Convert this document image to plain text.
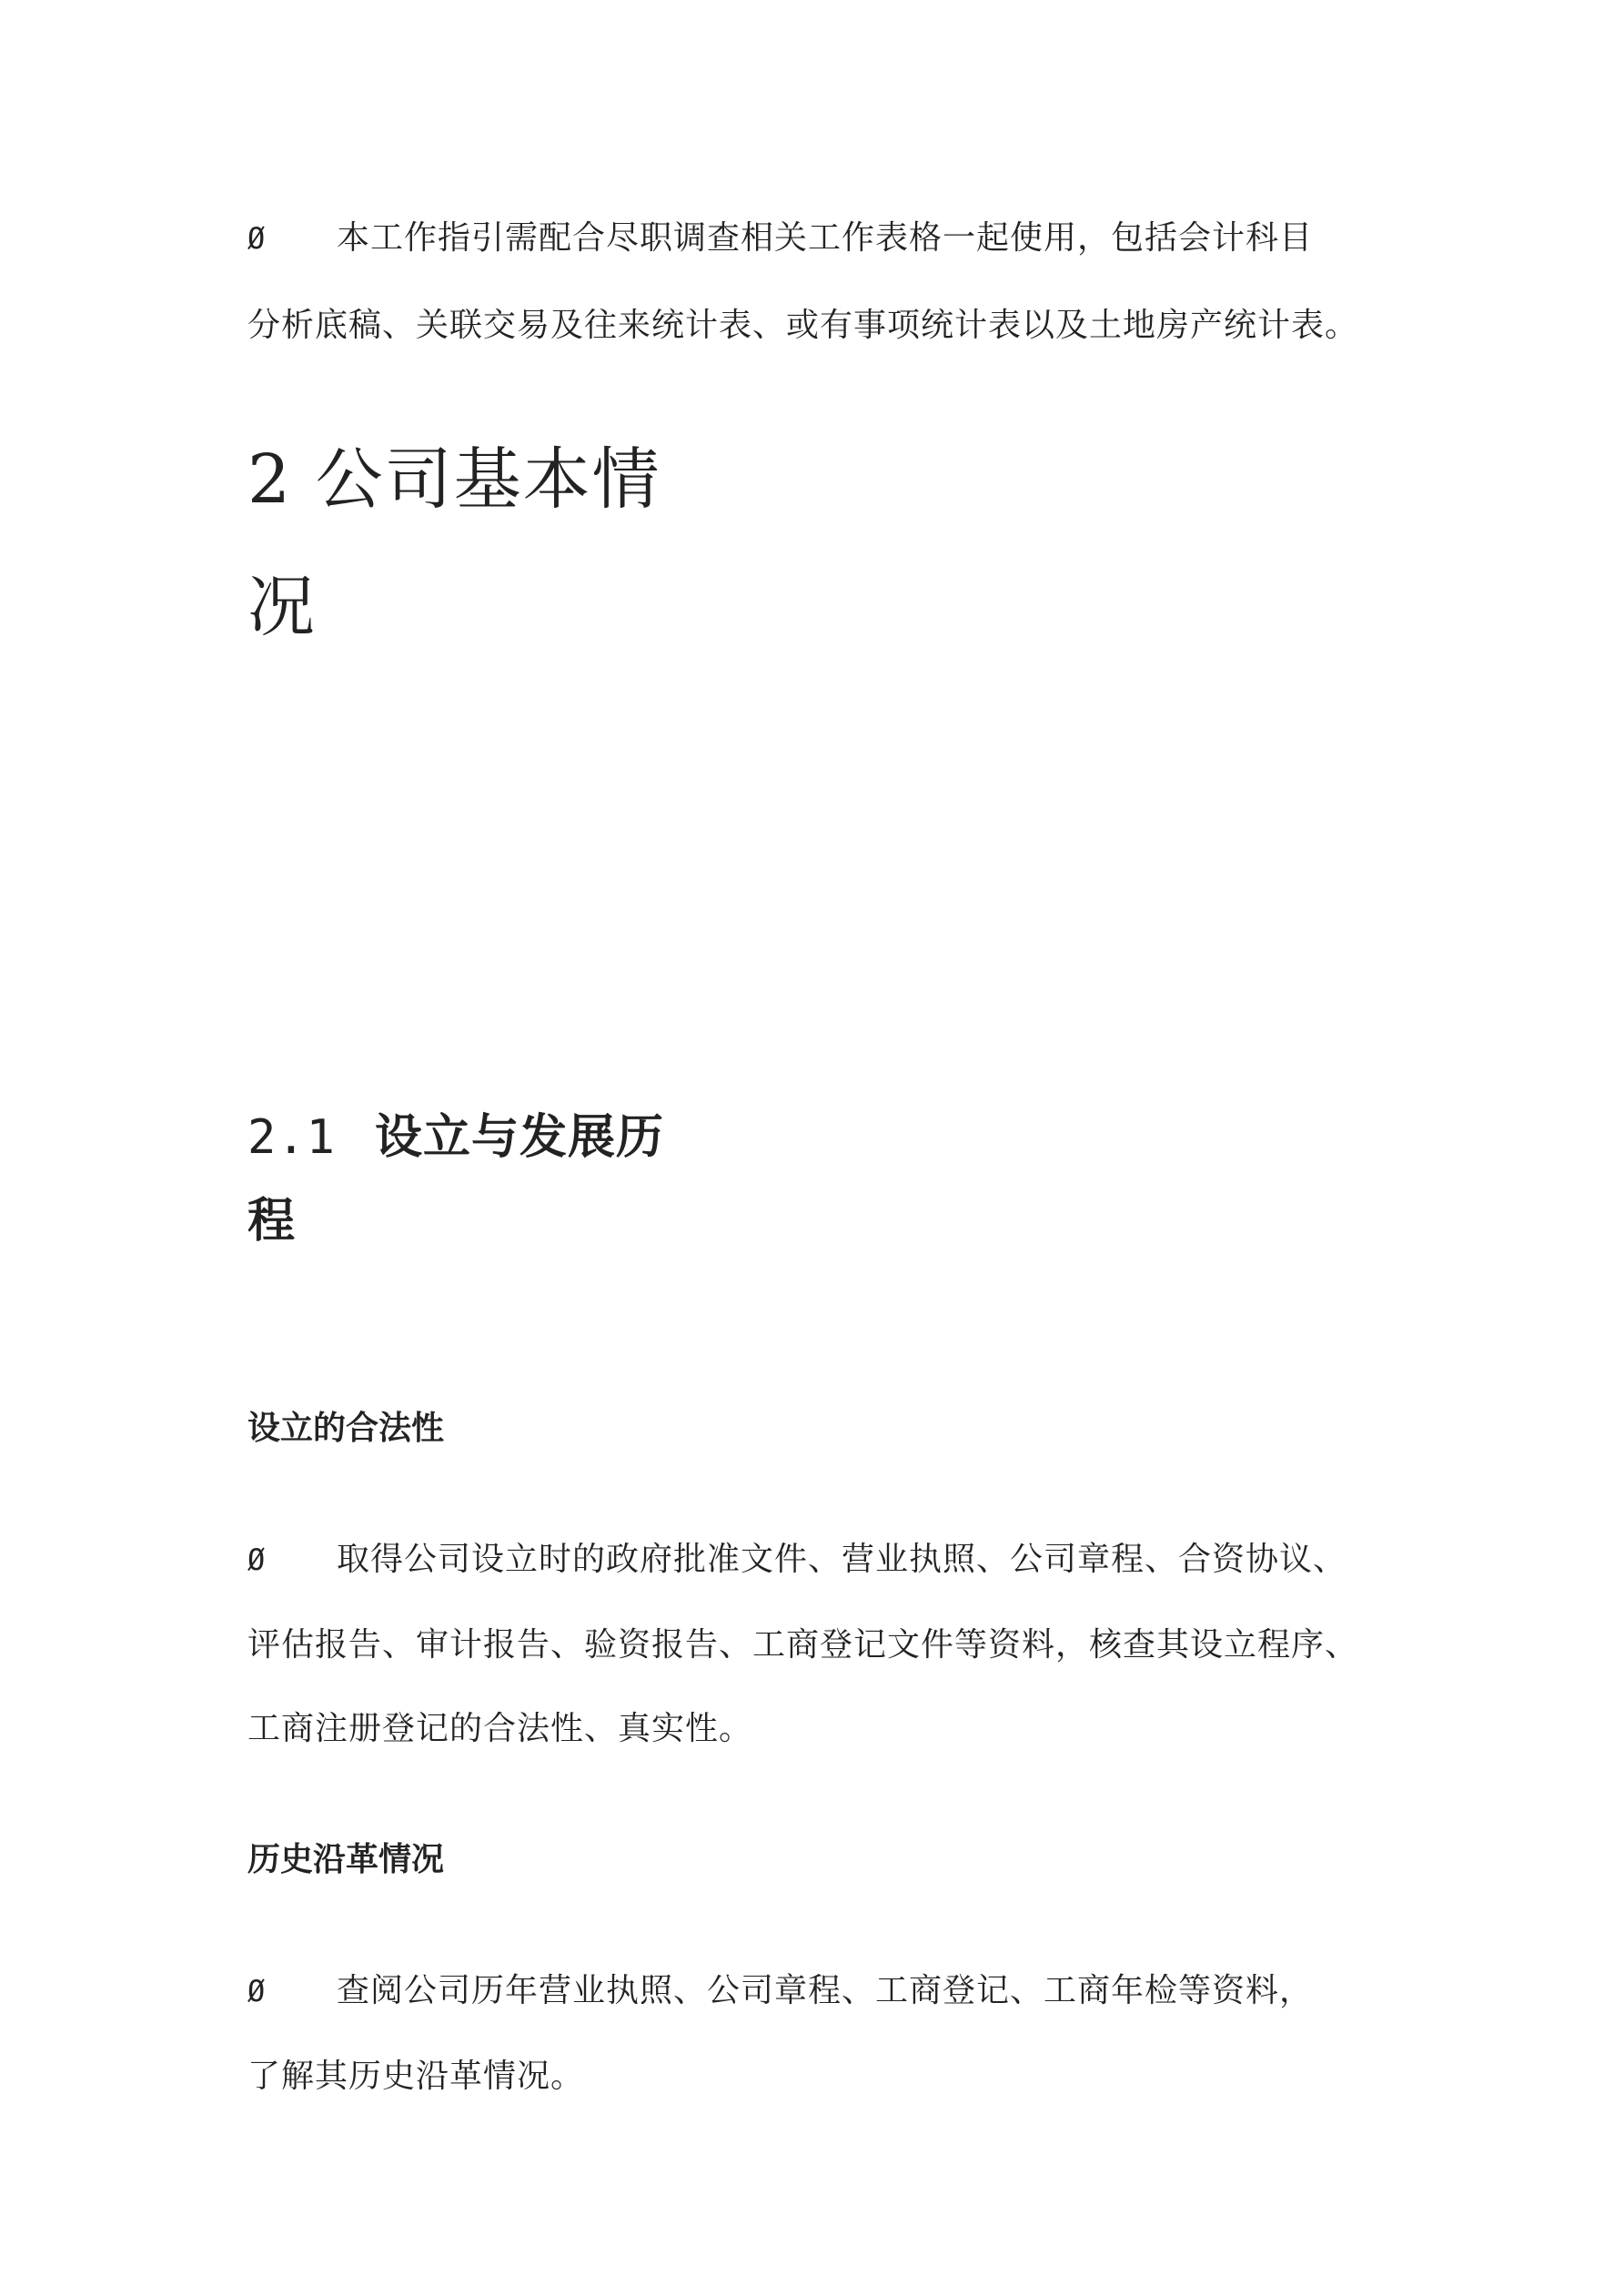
Ø 本工作指引需配合尽职调查相关工作表格一起使用，包括会计科目
分析底稿、关联交易及往来统计表、或有事项统计表以及土地房产统计表。
2 公司基本情
况
2.1 设立与发展历
程
设立的合法性
Ø 取得公司设立时的政府批准文件、营业执照、公司章程、合资协议、
评估报告、审计报告、验资报告、工商登记文件等资料，核查其设立程序、
工商注册登记的合法性、真实性。
历史沿革情况
Ø 查阅公司历年营业执照、公司章程、工商登记、工商年检等资料，
了解其历史沿革情况。
